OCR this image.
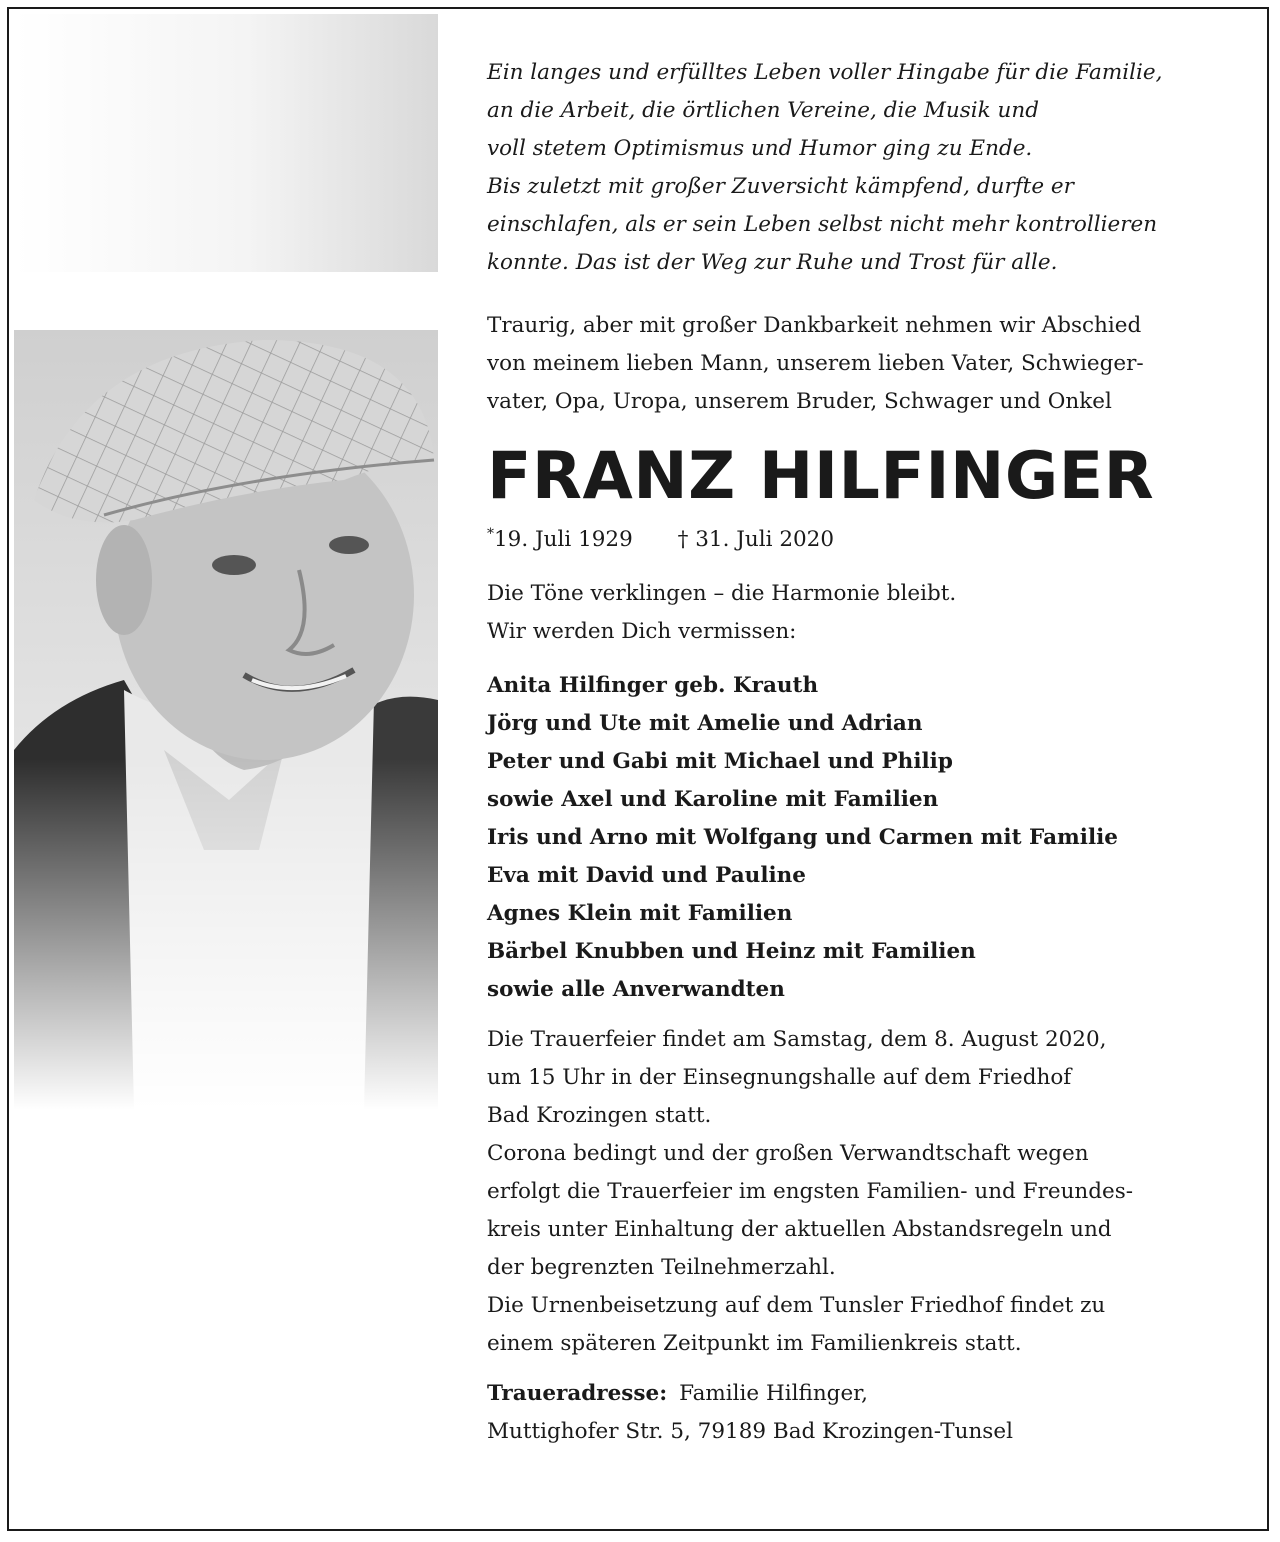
Ein langes und erfülltes Leben voller Hingabe für die Familie,

an die Arbeit, die örtlichen Vereine, die Musik und

voll stetem Optimismus und Humor ging zu Ende.

Bis zuletzt mit großer Zuversicht kämpfend, durfte er

einschlafen, als er sein Leben selbst nicht mehr kontrollieren

konnte. Das ist der Weg zur Ruhe und Trost für alle.

Traurig, aber mit großer Dankbarkeit nehmen wir Abschied

von meinem lieben Mann, unserem lieben Vater, Schwieger-

vater, Opa, Uropa, unserem Bruder, Schwager und Onkel

FRANZ HILFINGER
*19. Juli 1929 † 31. Juli 2020

Die Töne verklingen – die Harmonie bleibt.

Wir werden Dich vermissen:

Anita Hilfinger geb. Krauth

Jörg und Ute mit Amelie und Adrian

Peter und Gabi mit Michael und Philip

sowie Axel und Karoline mit Familien

Iris und Arno mit Wolfgang und Carmen mit Familie

Eva mit David und Pauline

Agnes Klein mit Familien

Bärbel Knubben und Heinz mit Familien

sowie alle Anverwandten

Die Trauerfeier findet am Samstag, dem 8. August 2020,

um 15 Uhr in der Einsegnungshalle auf dem Friedhof

Bad Krozingen statt.

Corona bedingt und der großen Verwandtschaft wegen

erfolgt die Trauerfeier im engsten Familien- und Freundes-

kreis unter Einhaltung der aktuellen Abstandsregeln und

der begrenzten Teilnehmerzahl.

Die Urnenbeisetzung auf dem Tunsler Friedhof findet zu

einem späteren Zeitpunkt im Familienkreis statt.

Traueradresse: Familie Hilfinger,

Muttighofer Str. 5, 79189 Bad Krozingen-Tunsel
